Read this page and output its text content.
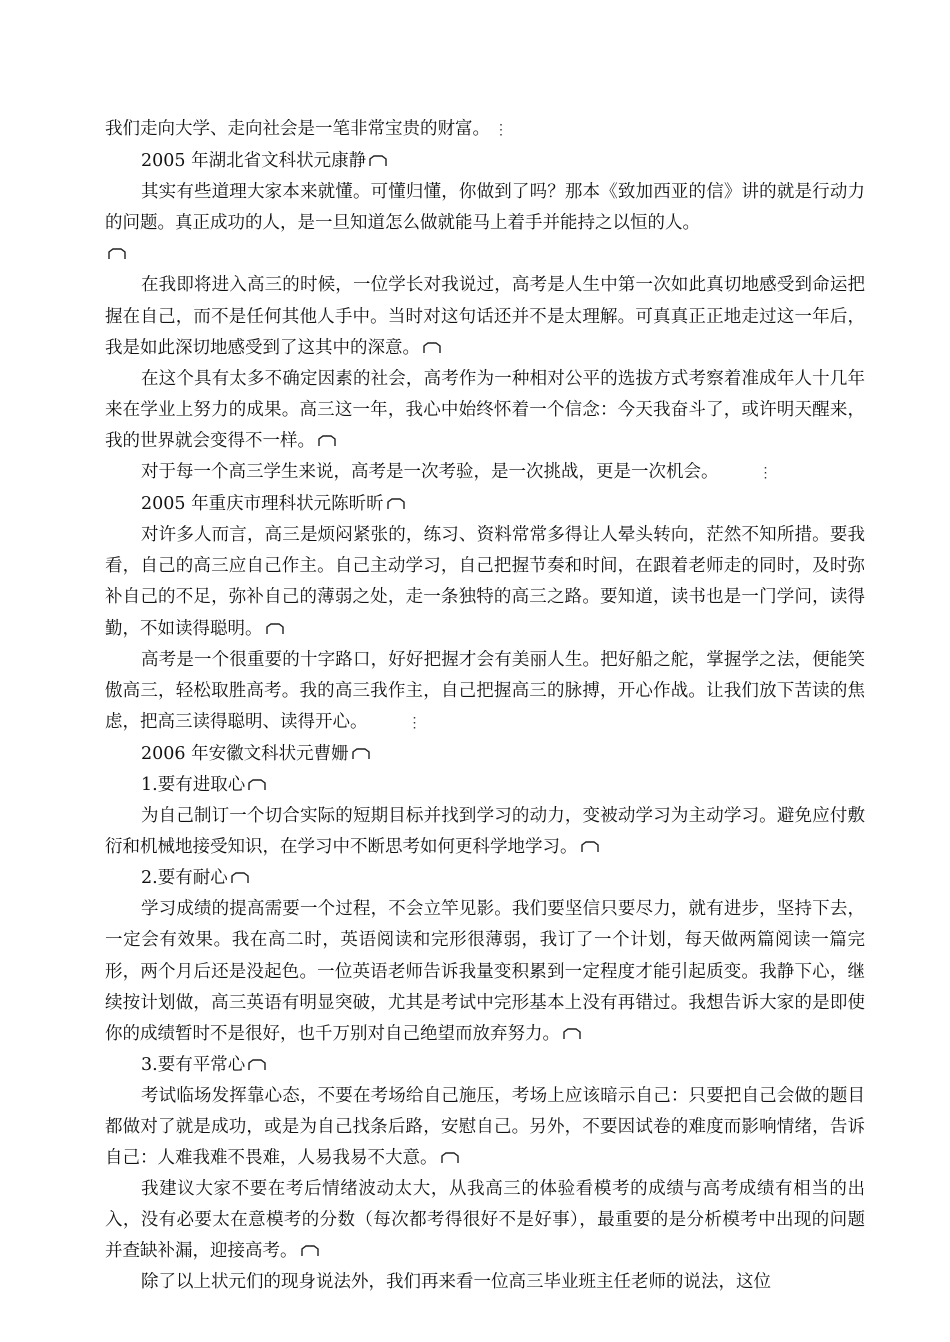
我们走向大学、走向社会是一笔非常宝贵的财富。 ⋮

2005 年湖北省文科状元康静

其实有些道理大家本来就懂。可懂归懂，你做到了吗？那本《致加西亚的信》讲的就是行动力的问题。真正成功的人，是一旦知道怎么做就能马上着手并能持之以恒的人。

在我即将进入高三的时候，一位学长对我说过，高考是人生中第一次如此真切地感受到命运把握在自己，而不是任何其他人手中。当时对这句话还并不是太理解。可真真正正地走过这一年后，我是如此深切地感受到了这其中的深意。

在这个具有太多不确定因素的社会，高考作为一种相对公平的选拔方式考察着准成年人十几年来在学业上努力的成果。高三这一年，我心中始终怀着一个信念：今天我奋斗了，或许明天醒来，我的世界就会变得不一样。

对于每一个高三学生来说，高考是一次考验，是一次挑战，更是一次机会。	⋮

2005 年重庆市理科状元陈昕昕

对许多人而言，高三是烦闷紧张的，练习、资料常常多得让人晕头转向，茫然不知所措。要我看，自己的高三应自己作主。自己主动学习，自己把握节奏和时间，在跟着老师走的同时，及时弥补自己的不足，弥补自己的薄弱之处，走一条独特的高三之路。要知道，读书也是一门学问，读得勤，不如读得聪明。

高考是一个很重要的十字路口，好好把握才会有美丽人生。把好船之舵，掌握学之法，便能笑傲高三，轻松取胜高考。我的高三我作主，自己把握高三的脉搏，开心作战。让我们放下苦读的焦虑，把高三读得聪明、读得开心。	⋮

2006 年安徽文科状元曹姗

1.要有进取心

为自己制订一个切合实际的短期目标并找到学习的动力，变被动学习为主动学习。避免应付敷衍和机械地接受知识，在学习中不断思考如何更科学地学习。

2.要有耐心

学习成绩的提高需要一个过程，不会立竿见影。我们要坚信只要尽力，就有进步，坚持下去，一定会有效果。我在高二时，英语阅读和完形很薄弱，我订了一个计划，每天做两篇阅读一篇完形，两个月后还是没起色。一位英语老师告诉我量变积累到一定程度才能引起质变。我静下心，继续按计划做，高三英语有明显突破，尤其是考试中完形基本上没有再错过。我想告诉大家的是即使你的成绩暂时不是很好，也千万别对自己绝望而放弃努力。

3.要有平常心

考试临场发挥靠心态，不要在考场给自己施压，考场上应该暗示自己：只要把自己会做的题目都做对了就是成功，或是为自己找条后路，安慰自己。另外，不要因试卷的难度而影响情绪，告诉自己：人难我难不畏难，人易我易不大意。

我建议大家不要在考后情绪波动太大，从我高三的体验看模考的成绩与高考成绩有相当的出入，没有必要太在意模考的分数（每次都考得很好不是好事），最重要的是分析模考中出现的问题并查缺补漏，迎接高考。

除了以上状元们的现身说法外，我们再来看一位高三毕业班主任老师的说法，这位
